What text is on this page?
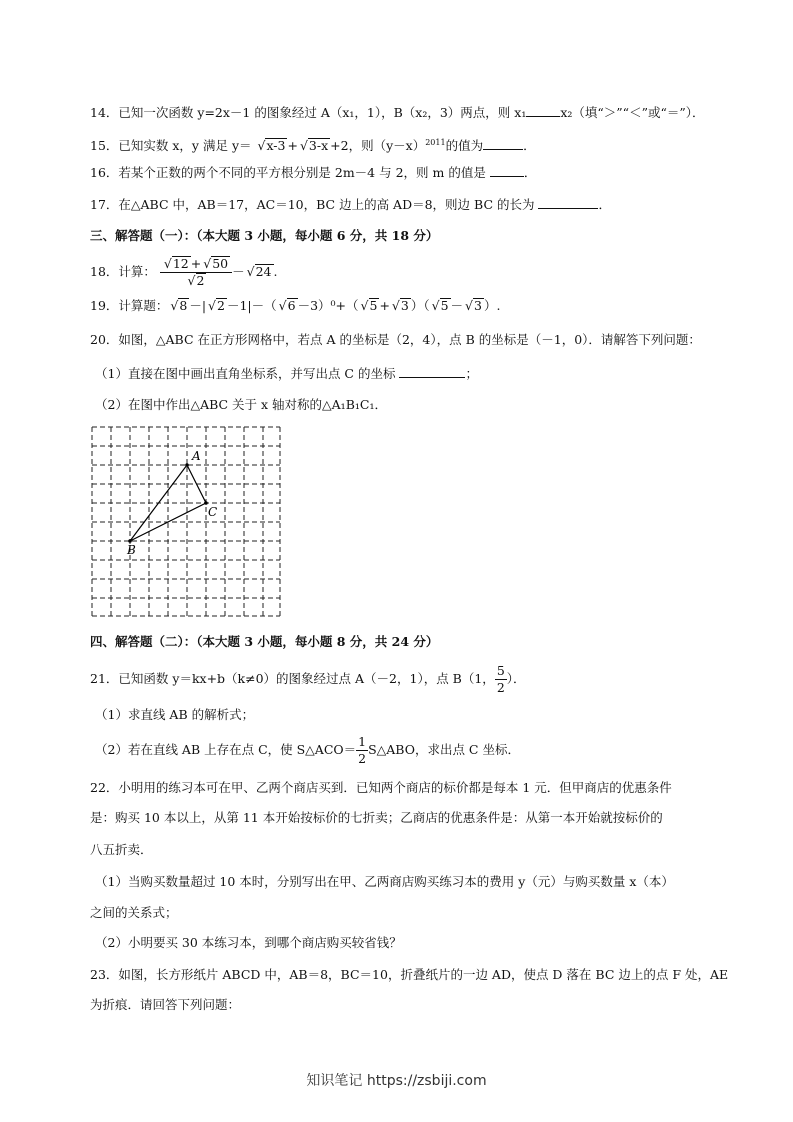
14．已知一次函数 y=2x－1 的图象经过 A（x₁，1），B（x₂，3）两点，则 x₁	x₂（填“＞”“＜”或“＝”）．
15．已知实数 x，y 满足 y＝ √ x-3 + √ 3-x +2，则$(y-x)^{2011}$的值为	．
16．若某个正数的两个不同的平方根分别是 2m－4 与 2，则 m 的值是	．
17．在△ABC 中，AB＝17，AC＝10，BC 边上的高 AD＝8，则边 BC 的长为	．
三、解答题（一）：（本大题 3 小题，每小题 6 分，共 18 分）
18．计算： √ 12 + √ 50
√ 2 － √ 24 .
19．计算题： √ 8 －| √ 2 －1|－（ √ 6 －3）⁰+（ √ 5 + √ 3 ）（ √ 5 － √ 3 ）.
20．如图，△ABC 在正方形网格中，若点 A 的坐标是（2，4），点 B 的坐标是（－1，0）．请解答下列问题：
（1）直接在图中画出直角坐标系，并写出点 C 的坐标	；
（2）在图中作出△ABC 关于 x 轴对称的△A₁B₁C₁．
A
C
B
四、解答题（二）：（本大题 3 小题，每小题 8 分，共 24 分）
21．已知函数 y＝kx+b（k≠0）的图象经过点 A（－2，1），点 B（1， $\frac{5}{2}$ ）．
（1）求直线 AB 的解析式；
（2）若在直线 AB 上存在点 C，使 S△ACO＝ $\frac{1}{2}$ S△ABO，求出点 C 坐标．
22．小明用的练习本可在甲、乙两个商店买到．已知两个商店的标价都是每本 1 元．但甲商店的优惠条件
是：购买 10 本以上，从第 11 本开始按标价的七折卖；乙商店的优惠条件是：从第一本开始就按标价的
八五折卖．
（1）当购买数量超过 10 本时，分别写出在甲、乙两商店购买练习本的费用 y（元）与购买数量 x（本）
之间的关系式；
（2）小明要买 30 本练习本，到哪个商店购买较省钱？
23．如图，长方形纸片 ABCD 中，AB＝8，BC＝10，折叠纸片的一边 AD，使点 D 落在 BC 边上的点 F 处，AE
为折痕．请回答下列问题：
知识笔记 https://zsbiji.com
